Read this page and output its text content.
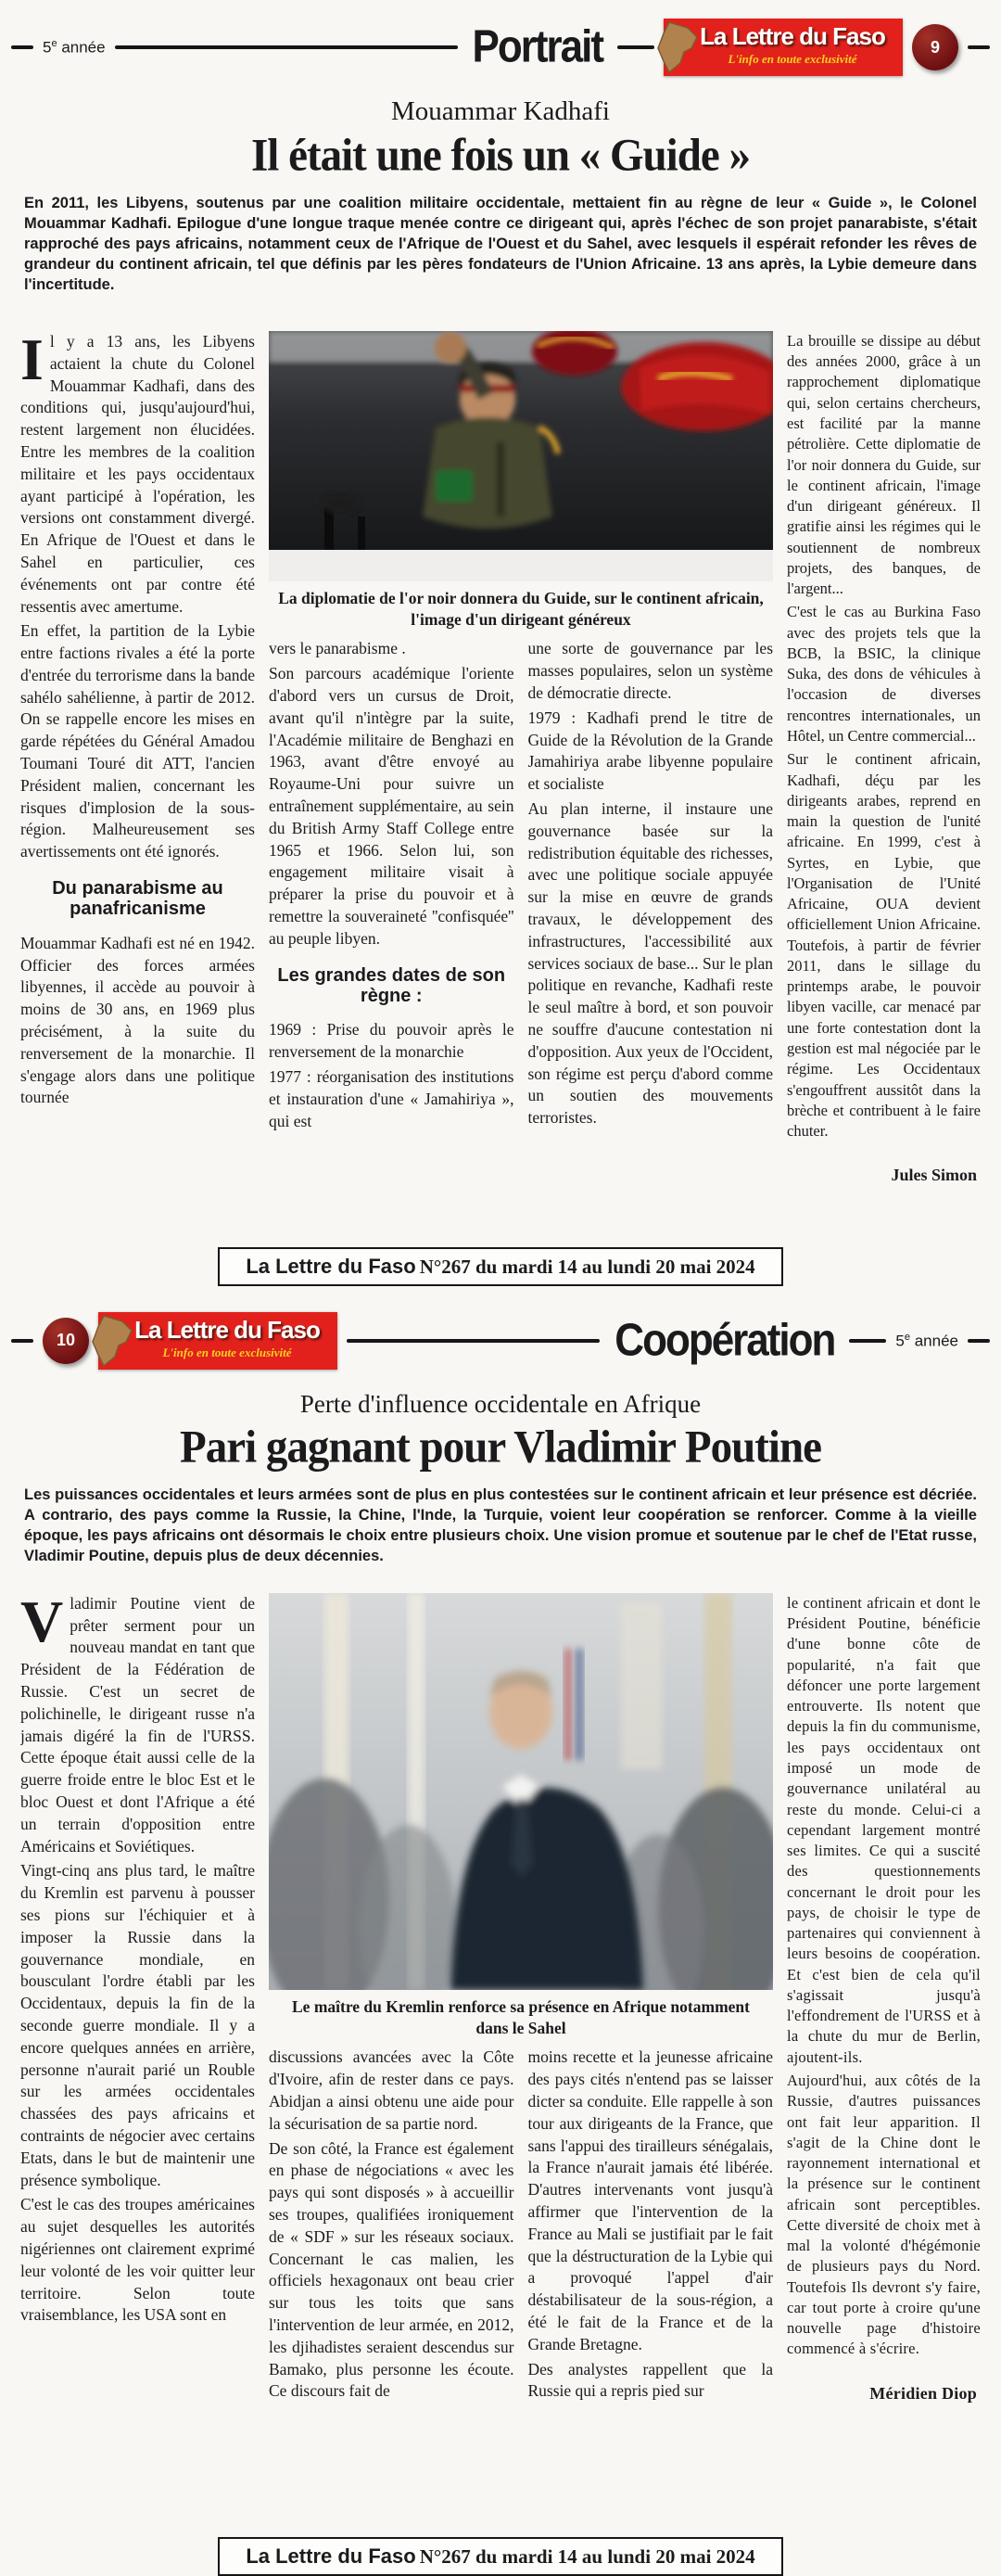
5e année	Portrait	La Lettre du Faso
L'info en toute exclusivité
9
Mouammar Kadhafi
Il était une fois un « Guide »

En 2011, les Libyens, soutenus par une coalition militaire occidentale, mettaient fin au règne de leur « Guide », le Colonel Mouammar Kadhafi. Epilogue d'une longue traque menée contre ce dirigeant qui, après l'échec de son projet panarabiste, s'était rapproché des pays africains, notamment ceux de l'Afrique de l'Ouest et du Sahel, avec lesquels il espérait refonder les rêves de grandeur du continent africain, tel que définis par les pères fondateurs de l'Union Africaine. 13 ans après, la Lybie demeure dans l'incertitude.

Il y a 13 ans, les Libyens actaient la chute du Colonel Mouammar Kadhafi, dans des conditions qui, jusqu'aujourd'hui, restent largement non élucidées. Entre les membres de la coalition militaire et les pays occidentaux ayant participé à l'opération, les versions ont constamment divergé. En Afrique de l'Ouest et dans le Sahel en particulier, ces événements ont par contre été ressentis avec amertume.

En effet, la partition de la Lybie entre factions rivales a été la porte d'entrée du terrorisme dans la bande sahélo sahélienne, à partir de 2012. On se rappelle encore les mises en garde répétées du Général Amadou Toumani Touré dit ATT, l'ancien Président malien, concernant les risques d'implosion de la sous-région. Malheureusement ses avertissements ont été ignorés.

Du panarabisme au panafricanisme

Mouammar Kadhafi est né en 1942. Officier des forces armées libyennes, il accède au pouvoir à moins de 30 ans, en 1969 plus précisément, à la suite du renversement de la monarchie. Il s'engage alors dans une politique tournée

La diplomatie de l'or noir donnera du Guide, sur le continent africain, l'image d'un dirigeant généreux

vers le panarabisme .

Son parcours académique l'oriente d'abord vers un cursus de Droit, avant qu'il n'intègre par la suite, l'Académie militaire de Benghazi en 1963, avant d'être envoyé au Royaume-Uni pour suivre un entraînement supplémentaire, au sein du British Army Staff College entre 1965 et 1966. Selon lui, son engagement militaire visait à préparer la prise du pouvoir et à remettre la souveraineté ''confisquée'' au peuple libyen.

Les grandes dates de son règne :

1969 : Prise du pouvoir après le renversement de la monarchie

1977 : réorganisation des institutions et instauration d'une « Jamahiriya », qui est

une sorte de gouvernance par les masses populaires, selon un système de démocratie directe.

1979 : Kadhafi prend le titre de Guide de la Révolution de la Grande Jamahiriya arabe libyenne populaire et socialiste

Au plan interne, il instaure une gouvernance basée sur la redistribution équitable des richesses, avec une politique sociale appuyée sur la mise en œuvre de grands travaux, le développement des infrastructures, l'accessibilité aux services sociaux de base... Sur le plan politique en revanche, Kadhafi reste le seul maître à bord, et son pouvoir ne souffre d'aucune contestation ni d'opposition. Aux yeux de l'Occident, son régime est perçu d'abord comme un soutien des mouvements terroristes.

La brouille se dissipe au début des années 2000, grâce à un rapprochement diplomatique qui, selon certains chercheurs, est facilité par la manne pétrolière. Cette diplomatie de l'or noir donnera du Guide, sur le continent africain, l'image d'un dirigeant généreux. Il gratifie ainsi les régimes qui le soutiennent de nombreux projets, des banques, de l'argent...

C'est le cas au Burkina Faso avec des projets tels que la BCB, la BSIC, la clinique Suka, des dons de véhicules à l'occasion de diverses rencontres internationales, un Hôtel, un Centre commercial...

Sur le continent africain, Kadhafi, déçu par les dirigeants arabes, reprend en main la question de l'unité africaine. En 1999, c'est à Syrtes, en Lybie, que l'Organisation de l'Unité Africaine, OUA devient officiellement Union Africaine. Toutefois, à partir de février 2011, dans le sillage du printemps arabe, le pouvoir libyen vacille, car menacé par une forte contestation dont la gestion est mal négociée par le régime. Les Occidentaux s'engouffrent aussitôt dans la brèche et contribuent à le faire chuter.

Jules Simon

La Lettre du Faso N°267 du mardi 14 au lundi 20 mai 2024
10	La Lettre du Faso
L'info en toute exclusivité	Coopération	5e année
Perte d'influence occidentale en Afrique
Pari gagnant pour Vladimir Poutine

Les puissances occidentales et leurs armées sont de plus en plus contestées sur le continent africain et leur présence est décriée. A contrario, des pays comme la Russie, la Chine, l'Inde, la Turquie, voient leur coopération se renforcer. Comme à la vieille époque, les pays africains ont désormais le choix entre plusieurs choix. Une vision promue et soutenue par le chef de l'Etat russe, Vladimir Poutine, depuis plus de deux décennies.

Vladimir Poutine vient de prêter serment pour un nouveau mandat en tant que Président de la Fédération de Russie. C'est un secret de polichinelle, le dirigeant russe n'a jamais digéré la fin de l'URSS. Cette époque était aussi celle de la guerre froide entre le bloc Est et le bloc Ouest et dont l'Afrique a été un terrain d'opposition entre Américains et Soviétiques.

Vingt-cinq ans plus tard, le maître du Kremlin est parvenu à pousser ses pions sur l'échiquier et à imposer la Russie dans la gouvernance mondiale, en bousculant l'ordre établi par les Occidentaux, depuis la fin de la seconde guerre mondiale. Il y a encore quelques années en arrière, personne n'aurait parié un Rouble sur les armées occidentales chassées des pays africains et contraints de négocier avec certains Etats, dans le but de maintenir une présence symbolique.

C'est le cas des troupes américaines au sujet desquelles les autorités nigériennes ont clairement exprimé leur volonté de les voir quitter leur territoire. Selon toute vraisemblance, les USA sont en

Le maître du Kremlin renforce sa présence en Afrique notamment dans le Sahel

discussions avancées avec la Côte d'Ivoire, afin de rester dans ce pays. Abidjan a ainsi obtenu une aide pour la sécurisation de sa partie nord.

De son côté, la France est également en phase de négociations « avec les pays qui sont disposés » à accueillir ses troupes, qualifiées ironiquement de « SDF » sur les réseaux sociaux. Concernant le cas malien, les officiels hexagonaux ont beau crier sur tous les toits que sans l'intervention de leur armée, en 2012, les djihadistes seraient descendus sur Bamako, plus personne les écoute. Ce discours fait de

moins recette et la jeunesse africaine des pays cités n'entend pas se laisser dicter sa conduite. Elle rappelle à son tour aux dirigeants de la France, que sans l'appui des tirailleurs sénégalais, la France n'aurait jamais été libérée. D'autres intervenants vont jusqu'à affirmer que l'intervention de la France au Mali se justifiait par le fait que la déstructuration de la Lybie qui a provoqué l'appel d'air déstabilisateur de la sous-région, a été le fait de la France et de la Grande Bretagne.

Des analystes rappellent que la Russie qui a repris pied sur

le continent africain et dont le Président Poutine, bénéficie d'une bonne côte de popularité, n'a fait que défoncer une porte largement entrouverte. Ils notent que depuis la fin du communisme, les pays occidentaux ont imposé un mode de gouvernance unilatéral au reste du monde. Celui-ci a cependant largement montré ses limites. Ce qui a suscité des questionnements concernant le droit pour les pays, de choisir le type de partenaires qui conviennent à leurs besoins de coopération. Et c'est bien de cela qu'il s'agissait jusqu'à l'effondrement de l'URSS et à la chute du mur de Berlin, ajoutent-ils.

Aujourd'hui, aux côtés de la Russie, d'autres puissances ont fait leur apparition. Il s'agit de la Chine dont le rayonnement international et la présence sur le continent africain sont perceptibles. Cette diversité de choix met à mal la volonté d'hégémonie de plusieurs pays du Nord. Toutefois Ils devront s'y faire, car tout porte à croire qu'une nouvelle page d'histoire commencé à s'écrire.

Méridien Diop

La Lettre du Faso N°267 du mardi 14 au lundi 20 mai 2024
